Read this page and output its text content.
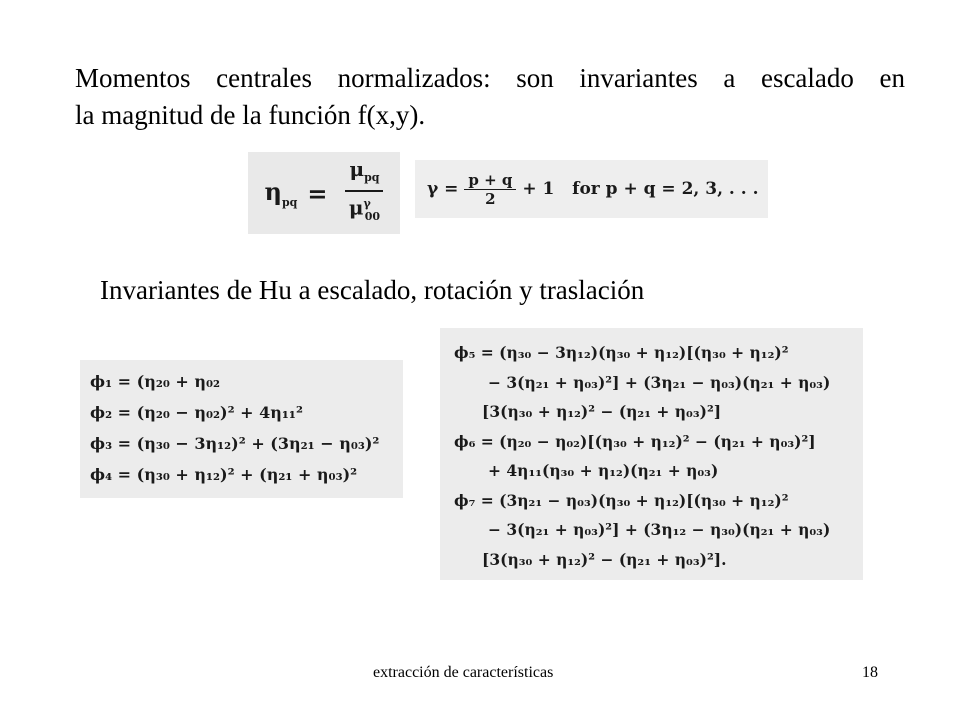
Momentos centrales normalizados: son invariantes a escalado en
la magnitud de la función f(x,y).
$\eta_{pq} = \frac{\mu_{pq}}{\mu^\gamma_{00}}$	$\gamma = \frac{p + q}{2} + 1$   for p + q = 2, 3, . . .
Invariantes de Hu a escalado, rotación y traslación
ϕ₁ = (η₂₀ + η₀₂
ϕ₂ = (η₂₀ − η₀₂)² + 4η₁₁²
ϕ₃ = (η₃₀ − 3η₁₂)² + (3η₂₁ − η₀₃)²
ϕ₄ = (η₃₀ + η₁₂)² + (η₂₁ + η₀₃)²
ϕ₅ = (η₃₀ − 3η₁₂)(η₃₀ + η₁₂)[(η₃₀ + η₁₂)²
− 3(η₂₁ + η₀₃)²] + (3η₂₁ − η₀₃)(η₂₁ + η₀₃)
[3(η₃₀ + η₁₂)² − (η₂₁ + η₀₃)²]
ϕ₆ = (η₂₀ − η₀₂)[(η₃₀ + η₁₂)² − (η₂₁ + η₀₃)²]
+ 4η₁₁(η₃₀ + η₁₂)(η₂₁ + η₀₃)
ϕ₇ = (3η₂₁ − η₀₃)(η₃₀ + η₁₂)[(η₃₀ + η₁₂)²
− 3(η₂₁ + η₀₃)²] + (3η₁₂ − η₃₀)(η₂₁ + η₀₃)
[3(η₃₀ + η₁₂)² − (η₂₁ + η₀₃)²].
extracción de características	18
